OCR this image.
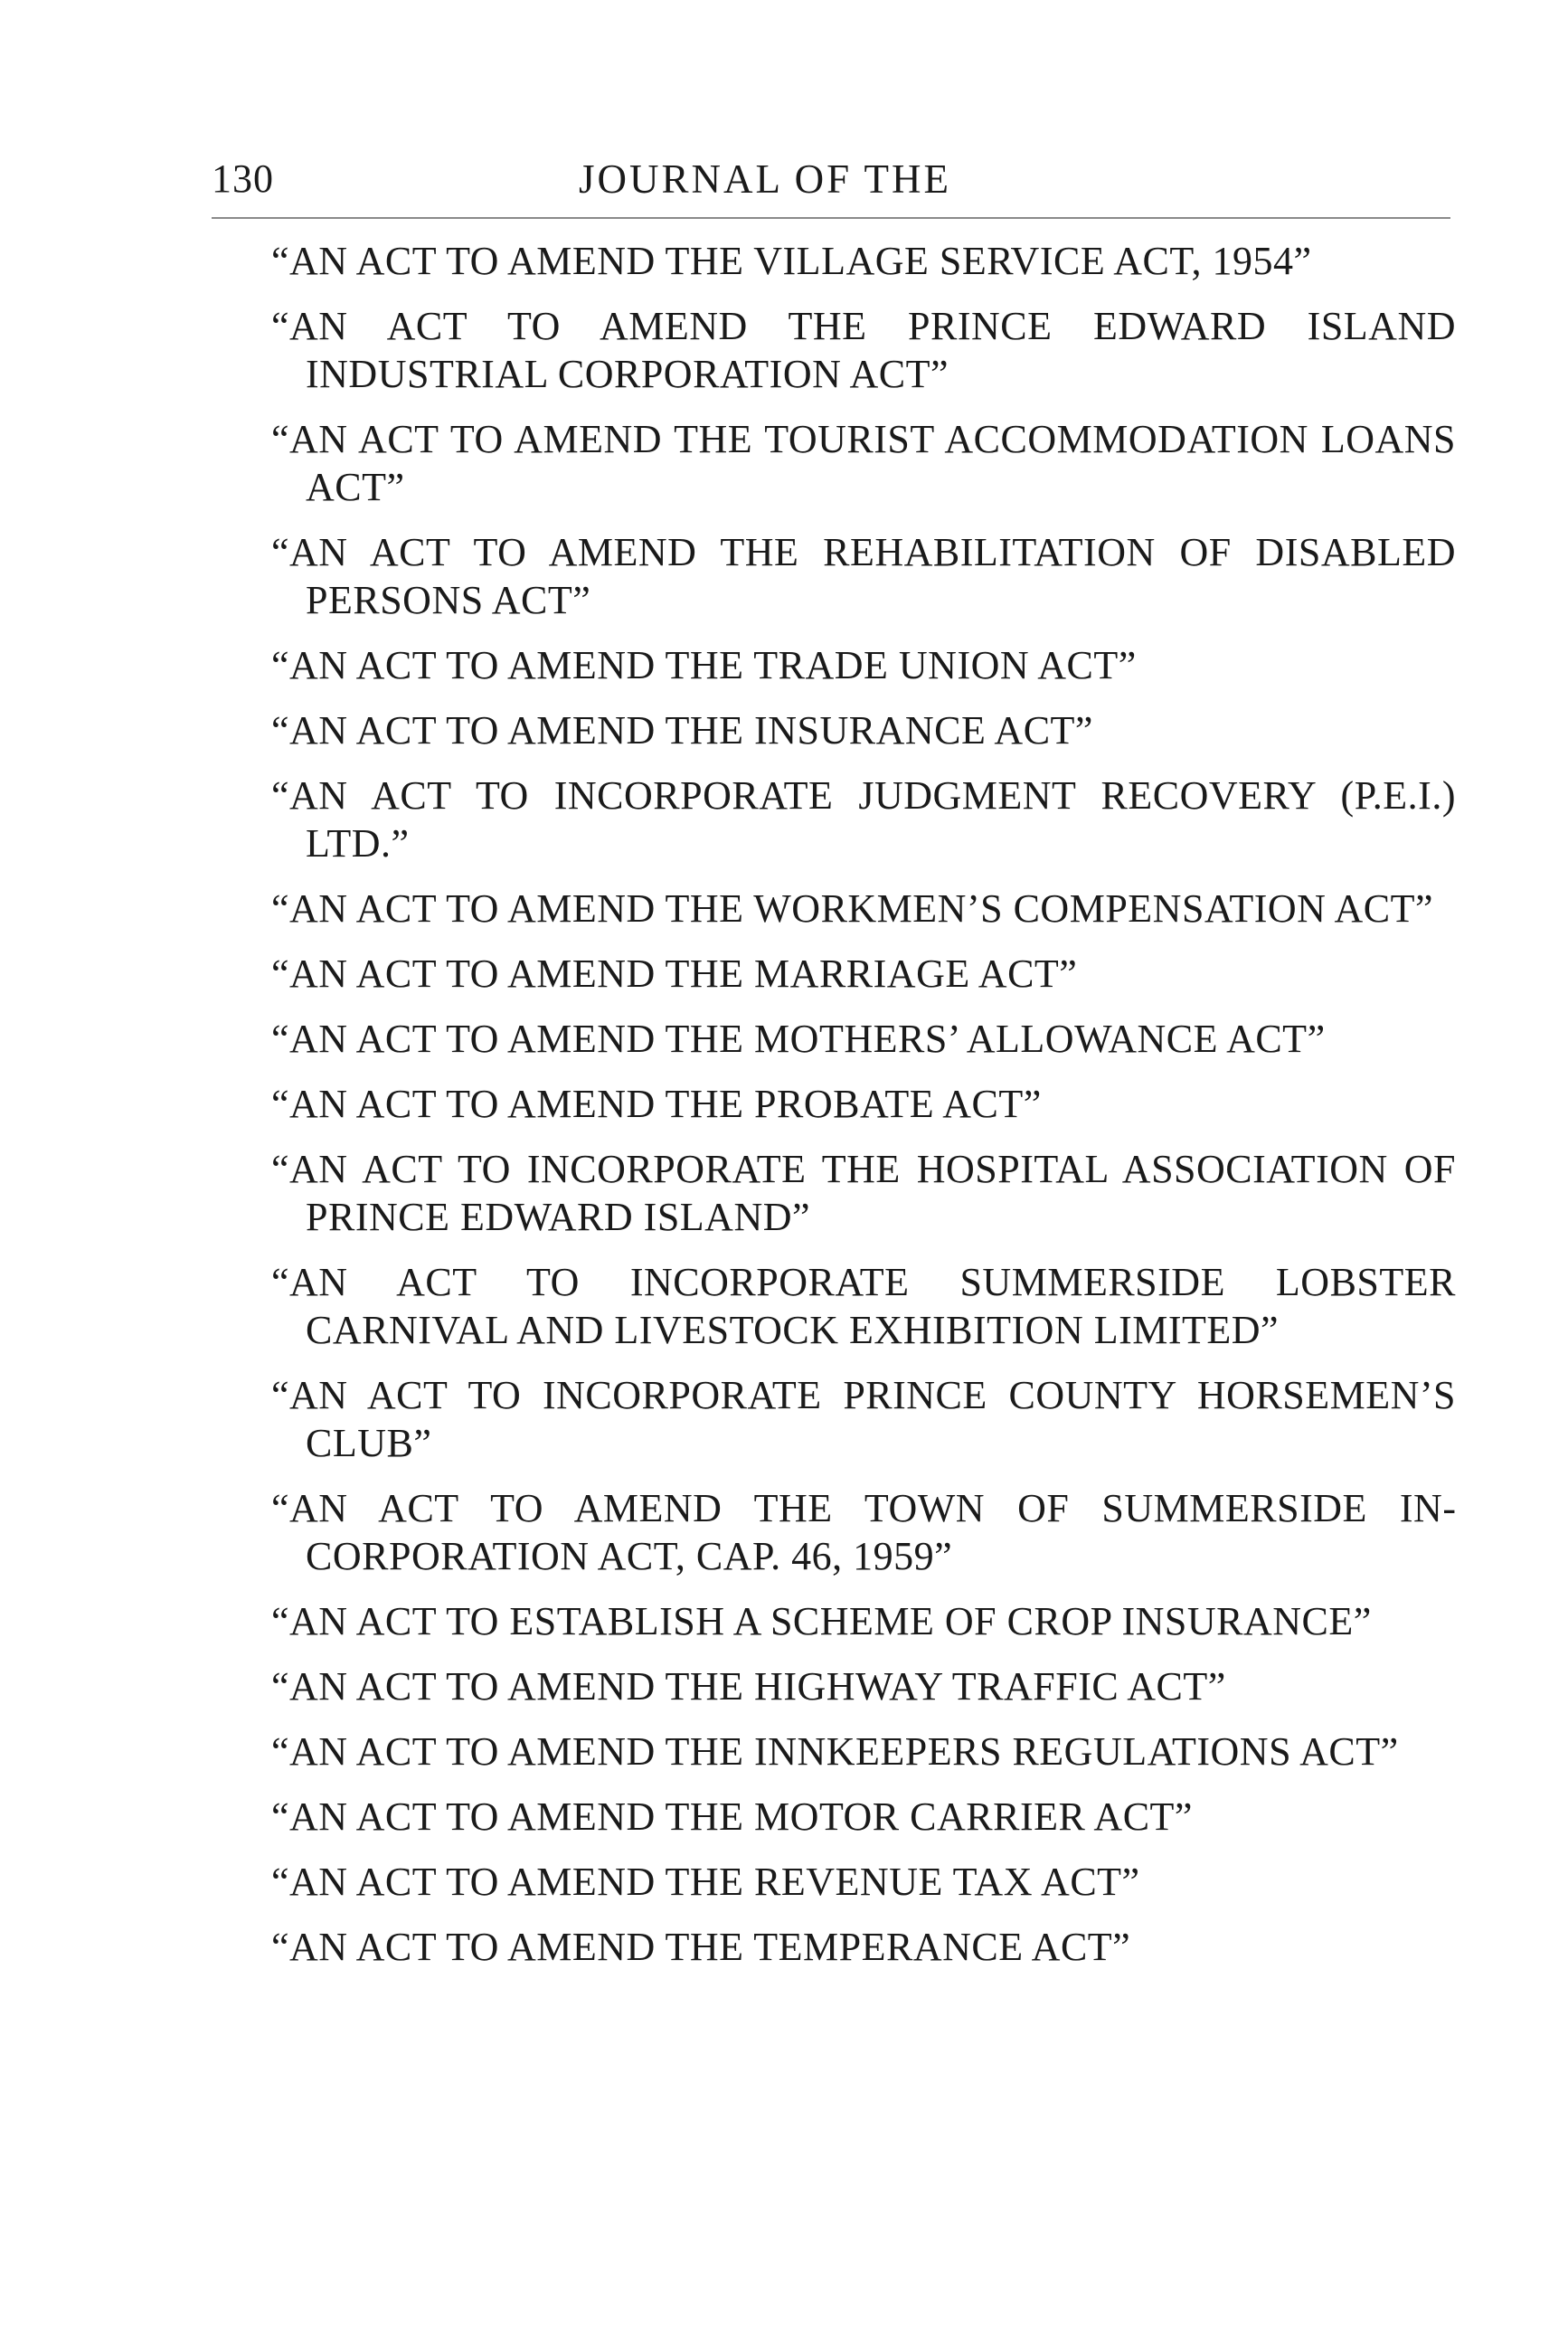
130	JOURNAL OF THE
“AN ACT TO AMEND THE VILLAGE SERVICE ACT, 1954”
“AN ACT TO AMEND THE PRINCE EDWARD ISLAND INDUSTRIAL CORPORATION ACT”
“AN ACT TO AMEND THE TOURIST ACCOMMODATION LOANS ACT”
“AN ACT TO AMEND THE REHABILITATION OF DISABLED PERSONS ACT”
“AN ACT TO AMEND THE TRADE UNION ACT”
“AN ACT TO AMEND THE INSURANCE ACT”
“AN ACT TO INCORPORATE JUDGMENT RECOVERY (P.E.I.) LTD.”
“AN ACT TO AMEND THE WORKMEN’S COMPENSATION ACT”
“AN ACT TO AMEND THE MARRIAGE ACT”
“AN ACT TO AMEND THE MOTHERS’ ALLOWANCE ACT”
“AN ACT TO AMEND THE PROBATE ACT”
“AN ACT TO INCORPORATE THE HOSPITAL ASSOCIATION OF PRINCE EDWARD ISLAND”
“AN ACT TO INCORPORATE SUMMERSIDE LOBSTER CARNIVAL AND LIVESTOCK EXHIBITION LIMITED”
“AN ACT TO INCORPORATE PRINCE COUNTY HORSEMEN’S CLUB”
“AN ACT TO AMEND THE TOWN OF SUMMERSIDE INCORPORATION ACT, CAP. 46, 1959”
“AN ACT TO ESTABLISH A SCHEME OF CROP INSURANCE”
“AN ACT TO AMEND THE HIGHWAY TRAFFIC ACT”
“AN ACT TO AMEND THE INNKEEPERS REGULATIONS ACT”
“AN ACT TO AMEND THE MOTOR CARRIER ACT”
“AN ACT TO AMEND THE REVENUE TAX ACT”
“AN ACT TO AMEND THE TEMPERANCE ACT”
